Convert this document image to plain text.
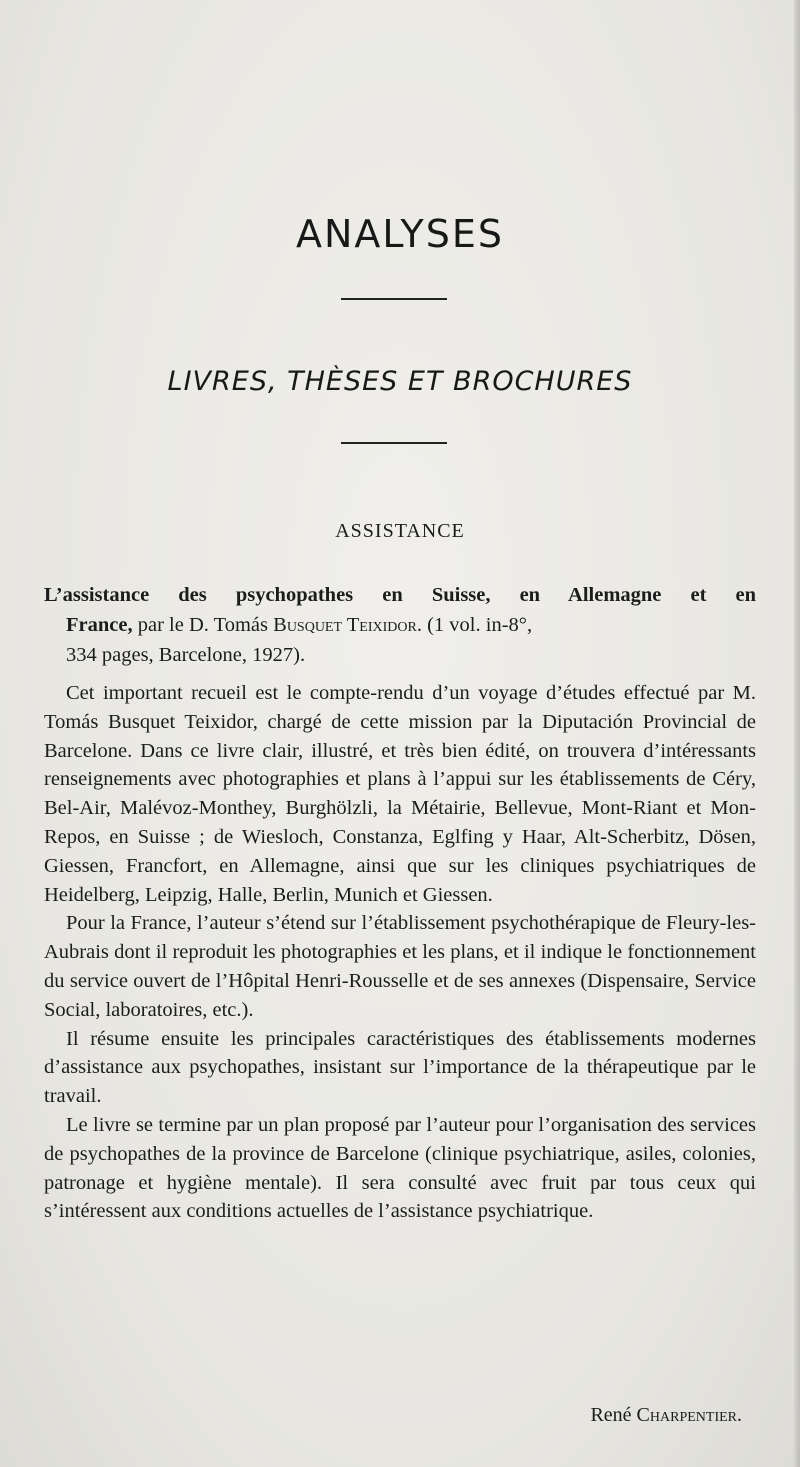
ANALYSES
LIVRES, THÈSES ET BROCHURES
ASSISTANCE
L’assistance des psychopathes en Suisse, en Allemagne et en
France, par le D. Tomás Busquet Teixidor. (1 vol. in-8°,
334 pages, Barcelone, 1927).

Cet important recueil est le compte-rendu d’un voyage d’études effectué par M. Tomás Busquet Teixidor, chargé de cette mission par la Diputación Provincial de Barcelone. Dans ce livre clair, illustré, et très bien édité, on trouvera d’intéressants renseignements avec photographies et plans à l’appui sur les établissements de Céry, Bel-Air, Malévoz-Monthey, Burghölzli, la Métairie, Bellevue, Mont-Riant et Mon-Repos, en Suisse ; de Wiesloch, Constanza, Eglfing y Haar, Alt-Scherbitz, Dösen, Giessen, Francfort, en Allemagne, ainsi que sur les cliniques psychiatriques de Heidelberg, Leipzig, Halle, Berlin, Munich et Giessen.

Pour la France, l’auteur s’étend sur l’établissement psychothérapique de Fleury-les-Aubrais dont il reproduit les photographies et les plans, et il indique le fonctionnement du service ouvert de l’Hôpital Henri-Rousselle et de ses annexes (Dispensaire, Service Social, laboratoires, etc.).

Il résume ensuite les principales caractéristiques des établissements modernes d’assistance aux psychopathes, insistant sur l’importance de la thérapeutique par le travail.

Le livre se termine par un plan proposé par l’auteur pour l’organisation des services de psychopathes de la province de Barcelone (clinique psychiatrique, asiles, colonies, patronage et hygiène mentale). Il sera consulté avec fruit par tous ceux qui s’intéressent aux conditions actuelles de l’assistance psychiatrique.

René Charpentier.
